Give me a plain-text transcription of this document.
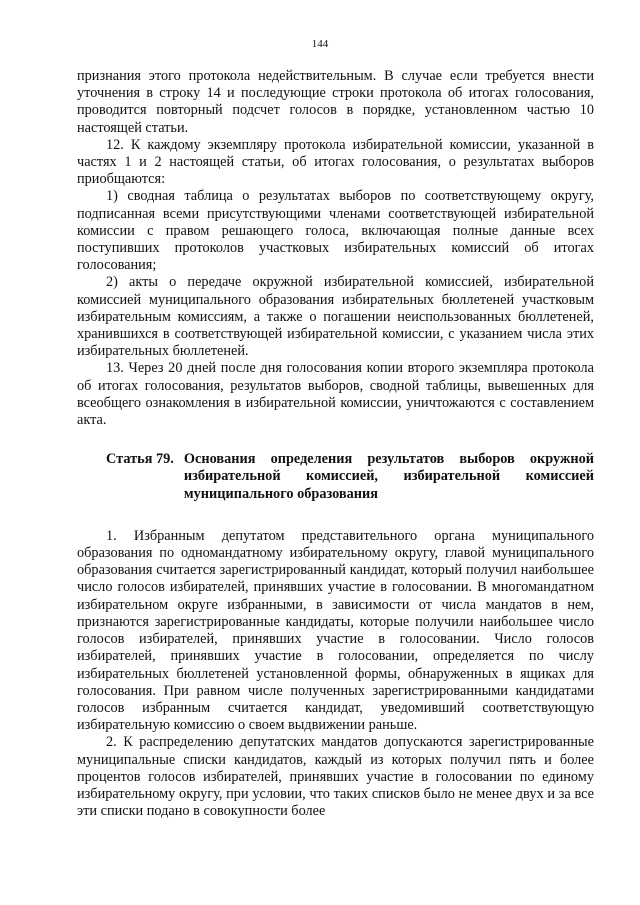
144

признания этого протокола недействительным. В случае если требуется внести уточнения в строку 14 и последующие строки протокола об итогах голосования, проводится повторный подсчет голосов в порядке, установленном частью 10 настоящей статьи.

12. К каждому экземпляру протокола избирательной комиссии, указанной в частях 1 и 2 настоящей статьи, об итогах голосования, о результатах выборов приобщаются:

1) сводная таблица о результатах выборов по соответствующему округу, подписанная всеми присутствующими членами соответствующей избирательной комиссии с правом решающего голоса, включающая полные данные всех поступивших протоколов участковых избирательных комиссий об итогах голосования;

2) акты о передаче окружной избирательной комиссией, избирательной комиссией муниципального образования избирательных бюллетеней участковым избирательным комиссиям, а также о погашении неиспользованных бюллетеней, хранившихся в соответствующей избирательной комиссии, с указанием числа этих избирательных бюллетеней.

13. Через 20 дней после дня голосования копии второго экземпляра протокола об итогах голосования, результатов выборов, сводной таблицы, вывешенных для всеобщего ознакомления в избирательной комиссии, уничтожаются с составлением акта.

Статья 79. Основания определения результатов выборов окружной избирательной комиссией, избирательной комиссией муниципального образования

1. Избранным депутатом представительного органа муниципального образования по одномандатному избирательному округу, главой муниципального образования считается зарегистрированный кандидат, который получил наибольшее число голосов избирателей, принявших участие в голосовании. В многомандатном избирательном округе избранными, в зависимости от числа мандатов в нем, признаются зарегистрированные кандидаты, которые получили наибольшее число голосов избирателей, принявших участие в голосовании. Число голосов избирателей, принявших участие в голосовании, определяется по числу избирательных бюллетеней установленной формы, обнаруженных в ящиках для голосования. При равном числе полученных зарегистрированными кандидатами голосов избранным считается кандидат, уведомивший соответствующую избирательную комиссию о своем выдвижении раньше.

2. К распределению депутатских мандатов допускаются зарегистрированные муниципальные списки кандидатов, каждый из которых получил пять и более процентов голосов избирателей, принявших участие в голосовании по единому избирательному округу, при условии, что таких списков было не менее двух и за все эти списки подано в совокупности более
